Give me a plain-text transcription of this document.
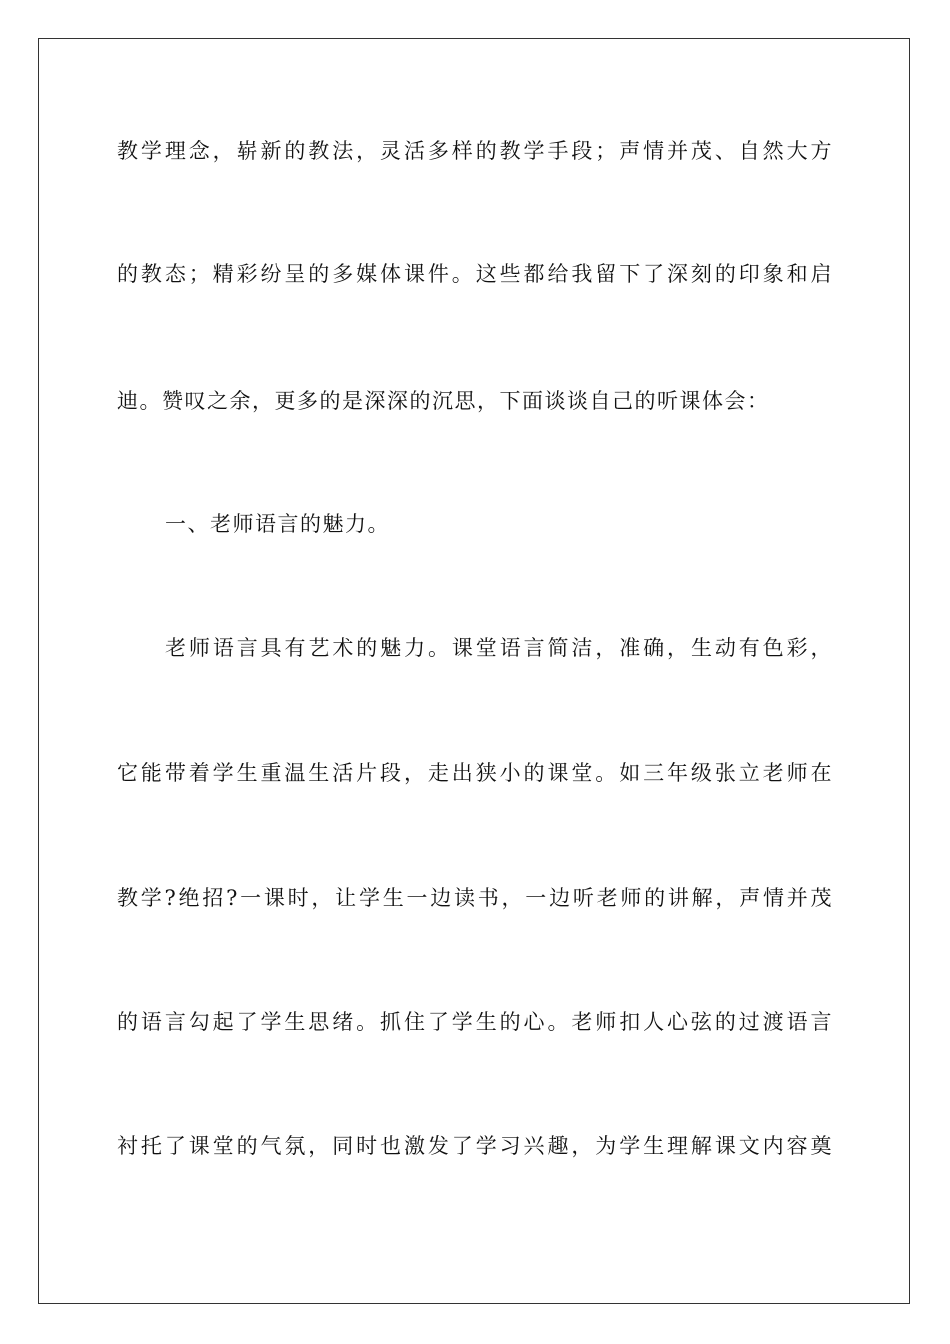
教学理念，崭新的教法，灵活多样的教学手段；声情并茂、自然大方
的教态；精彩纷呈的多媒体课件。这些都给我留下了深刻的印象和启
迪。赞叹之余，更多的是深深的沉思，下面谈谈自己的听课体会：
一、老师语言的魅力。
老师语言具有艺术的魅力。课堂语言简洁，准确，生动有色彩，
它能带着学生重温生活片段，走出狭小的课堂。如三年级张立老师在
教学?绝招?一课时，让学生一边读书，一边听老师的讲解，声情并茂
的语言勾起了学生思绪。抓住了学生的心。老师扣人心弦的过渡语言
衬托了课堂的气氛，同时也激发了学习兴趣，为学生理解课文内容奠
